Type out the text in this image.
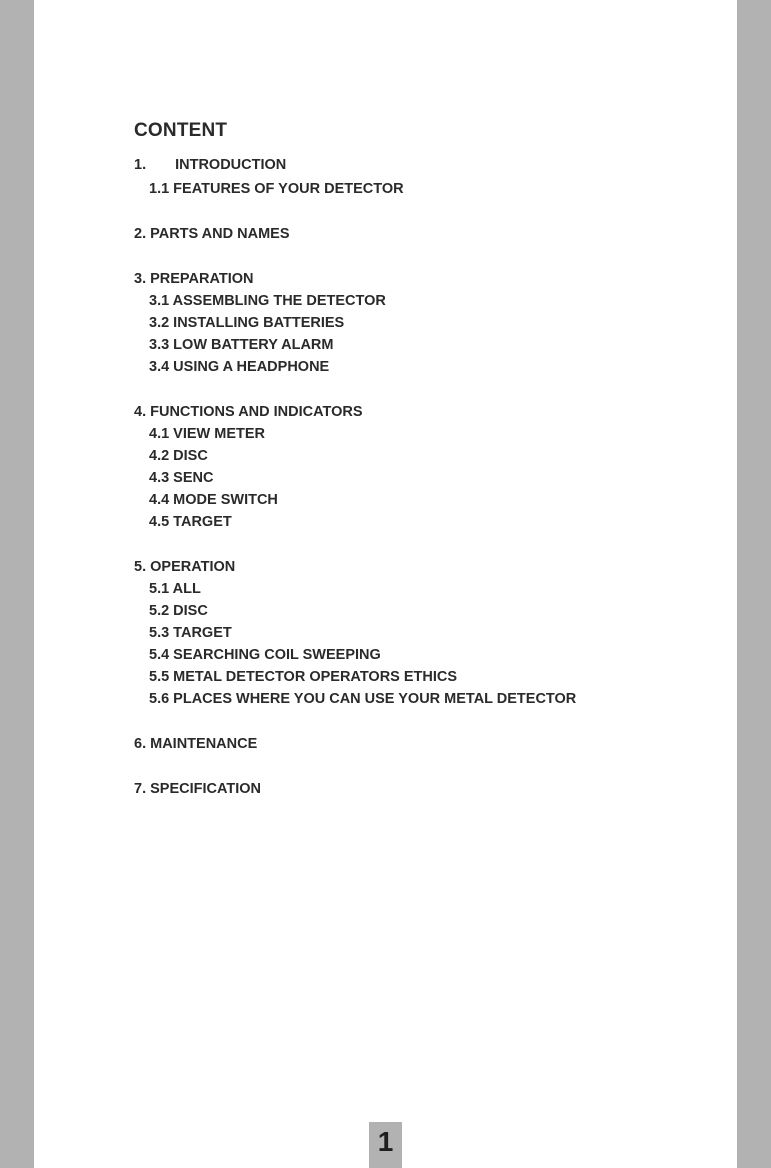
CONTENT
1. INTRODUCTION
1.1 FEATURES OF YOUR DETECTOR
2. PARTS AND NAMES
3. PREPARATION
3.1 ASSEMBLING THE DETECTOR
3.2 INSTALLING BATTERIES
3.3 LOW BATTERY ALARM
3.4 USING A HEADPHONE
4. FUNCTIONS AND INDICATORS
4.1 VIEW METER
4.2 DISC
4.3 SENC
4.4 MODE SWITCH
4.5 TARGET
5. OPERATION
5.1 ALL
5.2 DISC
5.3 TARGET
5.4 SEARCHING COIL SWEEPING
5.5 METAL DETECTOR OPERATORS ETHICS
5.6 PLACES WHERE YOU CAN USE YOUR METAL DETECTOR
6. MAINTENANCE
7. SPECIFICATION
1
